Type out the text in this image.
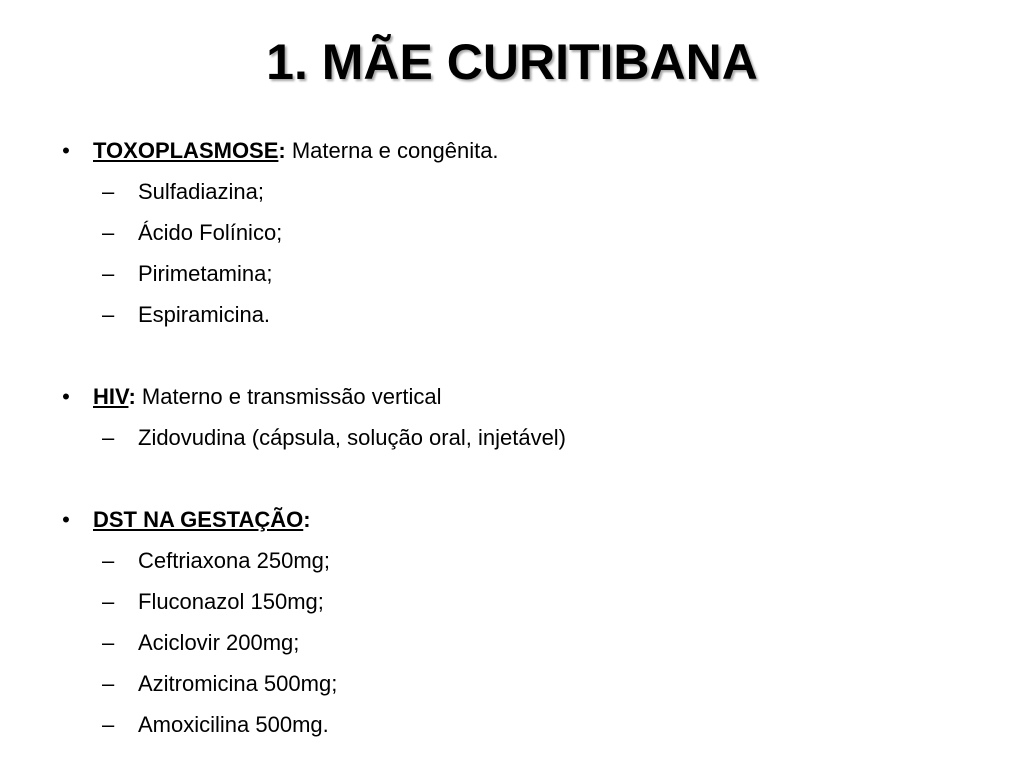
1. MÃE CURITIBANA
• TOXOPLASMOSE: Materna e congênita.
– Sulfadiazina;
– Ácido Folínico;
– Pirimetamina;
– Espiramicina.
• HIV: Materno e transmissão vertical
– Zidovudina (cápsula, solução oral, injetável)
• DST NA GESTAÇÃO:
– Ceftriaxona 250mg;
– Fluconazol 150mg;
– Aciclovir 200mg;
– Azitromicina 500mg;
– Amoxicilina 500mg.
